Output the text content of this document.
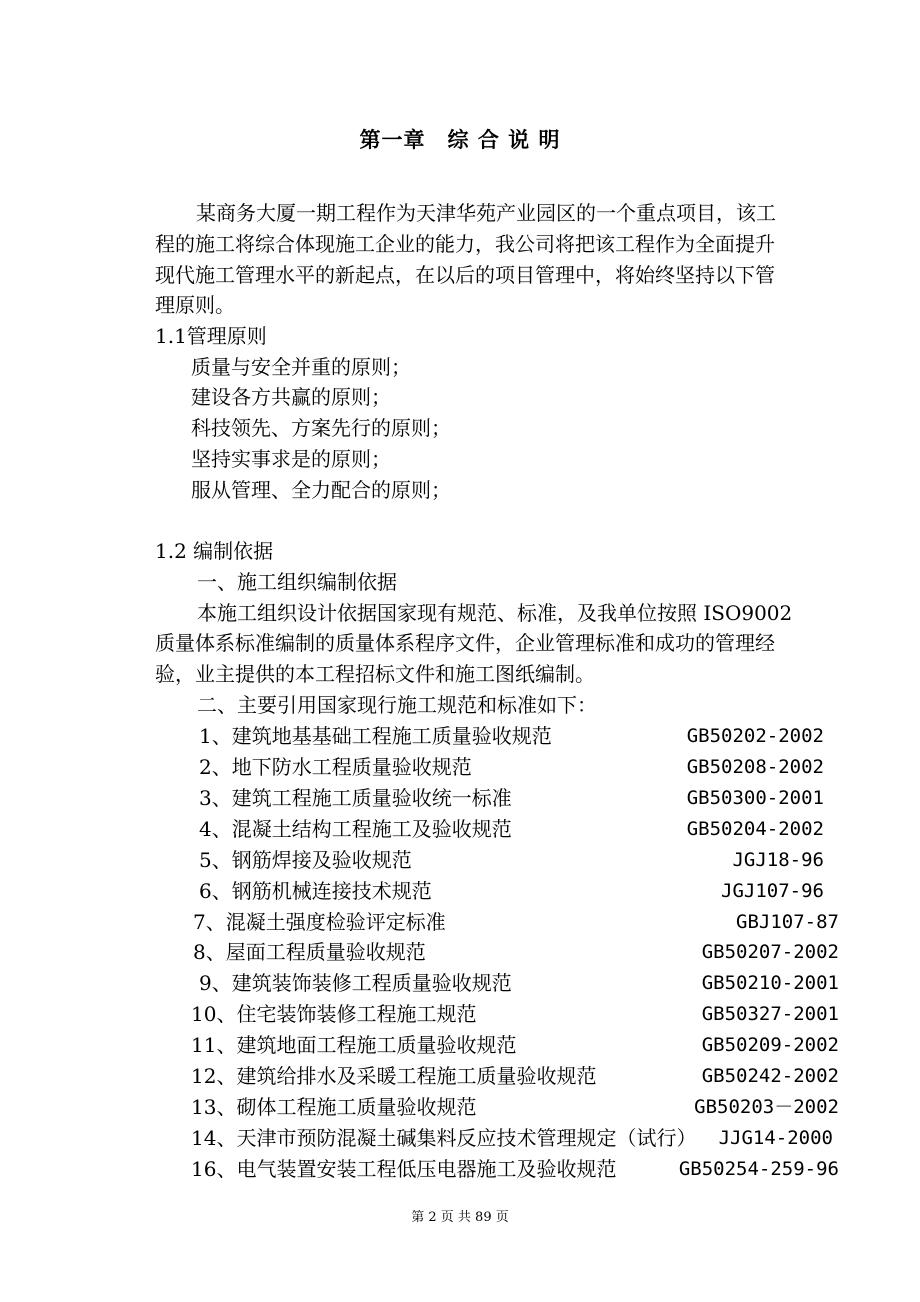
第一章　综 合 说 明
某商务大厦一期工程作为天津华苑产业园区的一个重点项目，该工
程的施工将综合体现施工企业的能力，我公司将把该工程作为全面提升
现代施工管理水平的新起点，在以后的项目管理中，将始终坚持以下管
理原则。
1.1管理原则
质量与安全并重的原则；
建设各方共赢的原则；
科技领先、方案先行的原则；
坚持实事求是的原则；
服从管理、全力配合的原则；
1.2 编制依据
一、施工组织编制依据
本施工组织设计依据国家现有规范、标准，及我单位按照 ISO9002
质量体系标准编制的质量体系程序文件，企业管理标准和成功的管理经
验，业主提供的本工程招标文件和施工图纸编制。
二、主要引用国家现行施工规范和标准如下：
1、建筑地基基础工程施工质量验收规范	GB50202-2002
2、地下防水工程质量验收规范	GB50208-2002
3、建筑工程施工质量验收统一标准	GB50300-2001
4、混凝土结构工程施工及验收规范	GB50204-2002
5、钢筋焊接及验收规范	JGJ18-96
6、钢筋机械连接技术规范	JGJ107-96
7、混凝土强度检验评定标准	GBJ107-87
8、屋面工程质量验收规范	GB50207-2002
9、建筑装饰装修工程质量验收规范	GB50210-2001
10、住宅装饰装修工程施工规范	GB50327-2001
11、建筑地面工程施工质量验收规范	GB50209-2002
12、建筑给排水及采暖工程施工质量验收规范	GB50242-2002
13、砌体工程施工质量验收规范	GB50203－2002
14、天津市预防混凝土碱集料反应技术管理规定（试行） JJG14-2000
16、电气装置安装工程低压电器施工及验收规范	GB50254-259-96
第 2 页 共 89 页
